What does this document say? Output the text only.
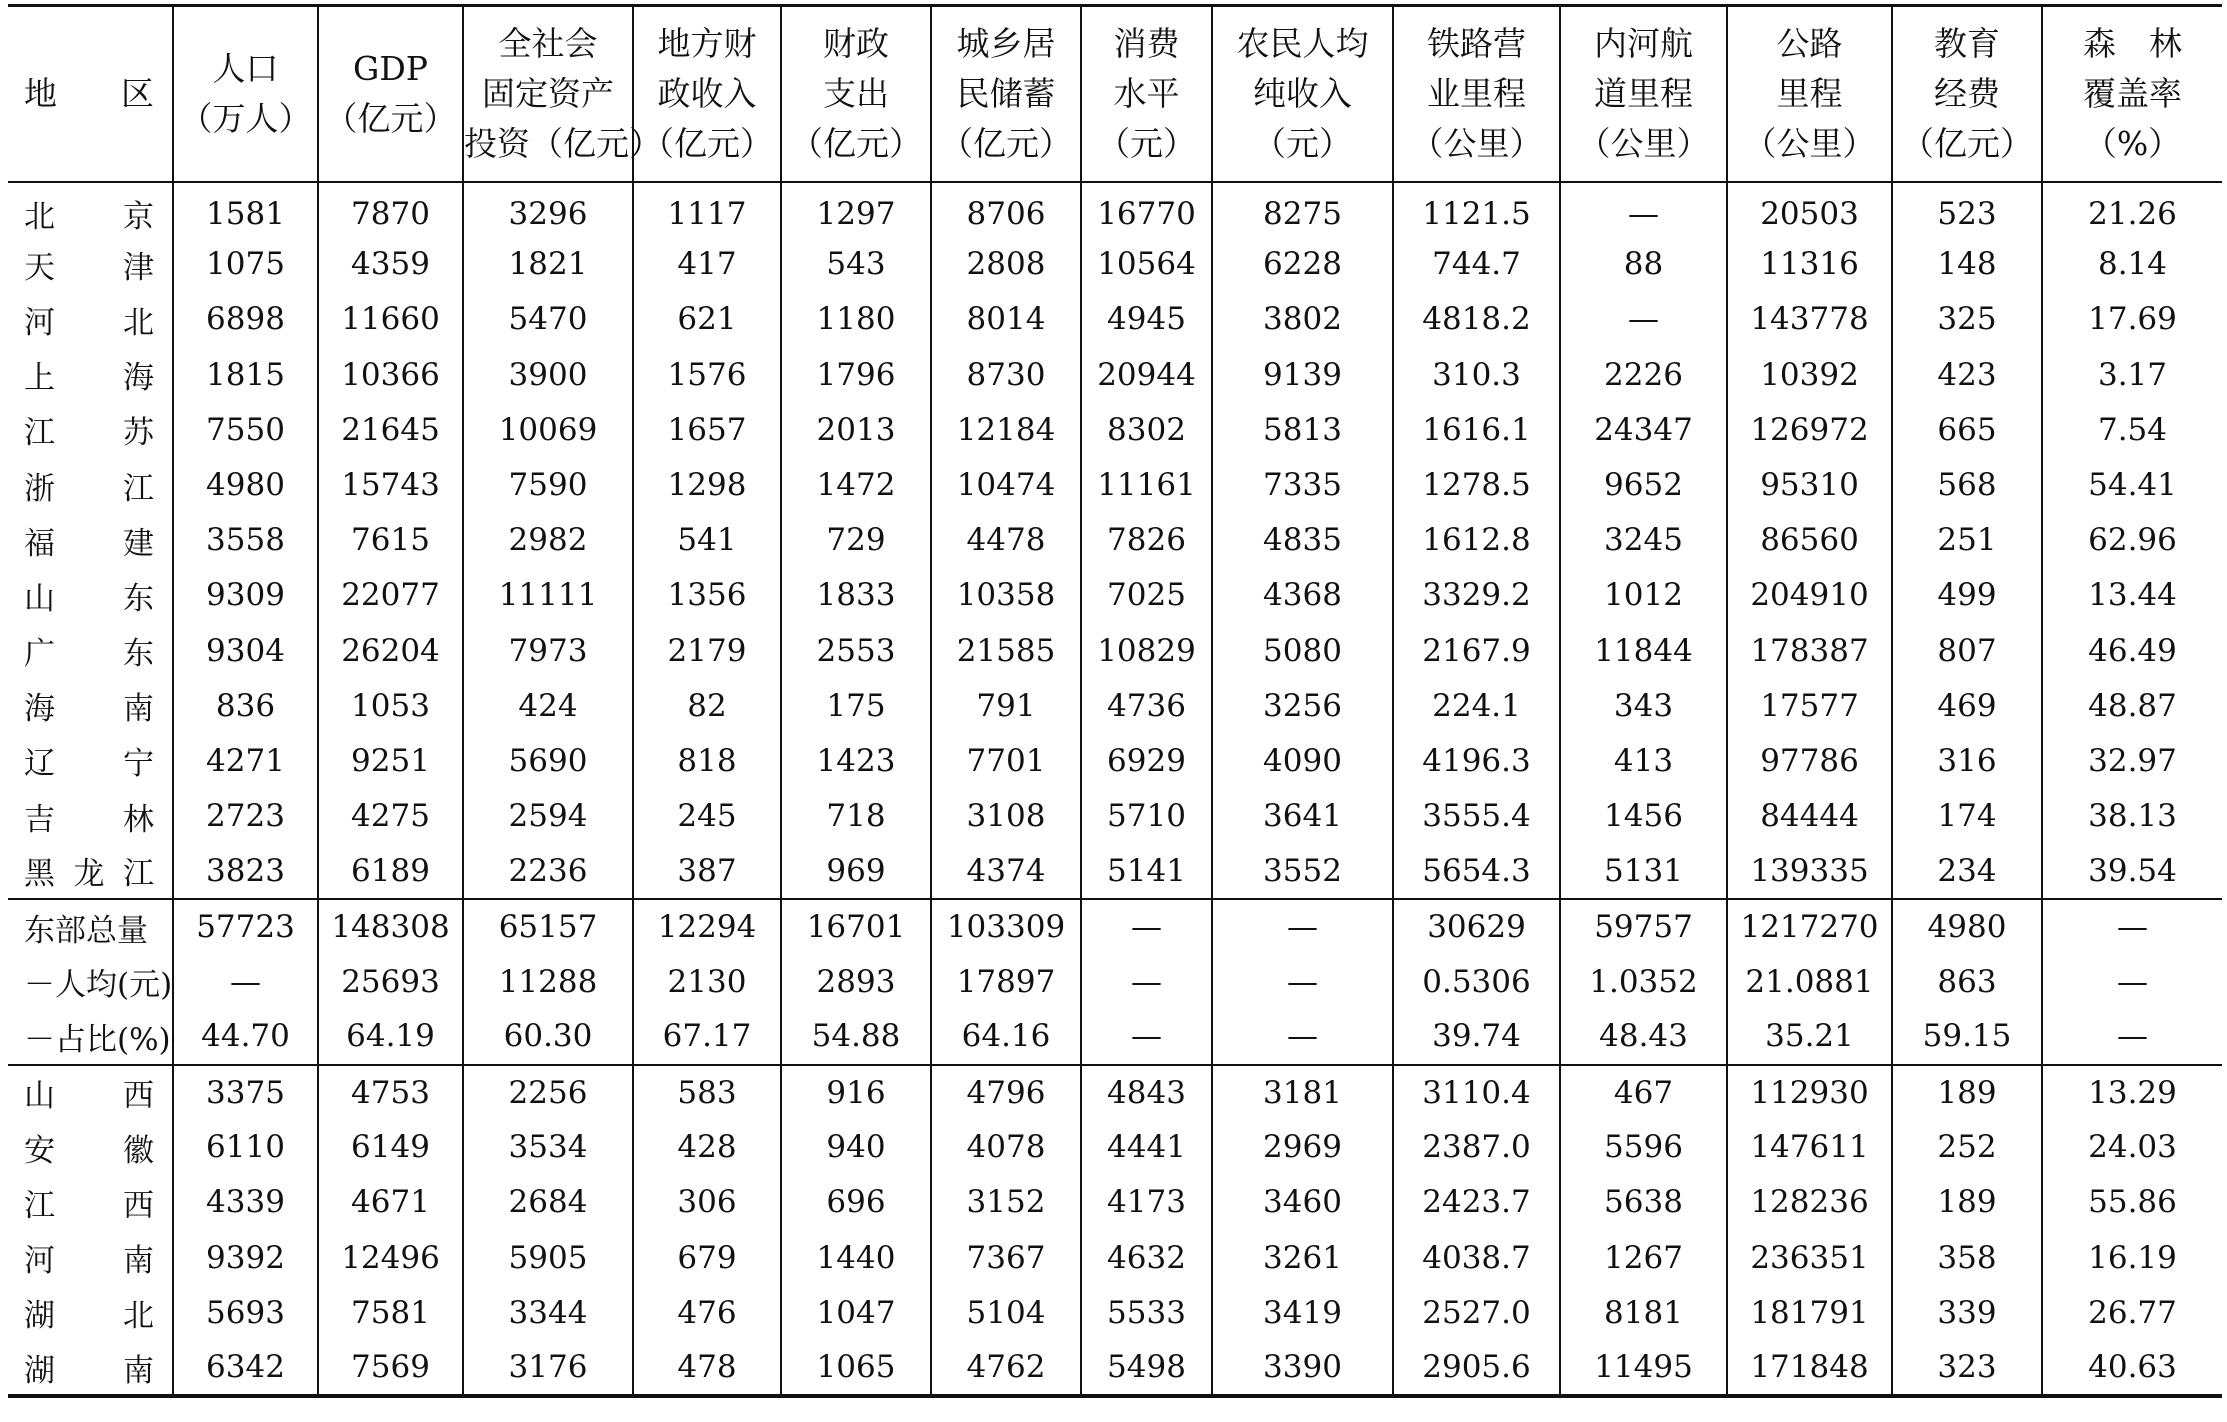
地 区	人口
（万人）	GDP
（亿元）	全社会
固定资产
投资（亿元）	地方财
政收入
（亿元）	财政
支出
（亿元）	城乡居
民储蓄
（亿元）	消费
水平
（元）	农民人均
纯收入
（元）	铁路营
业里程
（公里）	内河航
道里程
（公里）	公路
里程
（公里）	教育
经费
（亿元）	森　林
覆盖率
（%）

北 京	1581	7870	3296	1117	1297	8706	16770	8275	1121.5	—	20503	523	21.26

天 津	1075	4359	1821	417	543	2808	10564	6228	744.7	88	11316	148	8.14

河 北	6898	11660	5470	621	1180	8014	4945	3802	4818.2	—	143778	325	17.69

上 海	1815	10366	3900	1576	1796	8730	20944	9139	310.3	2226	10392	423	3.17

江 苏	7550	21645	10069	1657	2013	12184	8302	5813	1616.1	24347	126972	665	7.54

浙 江	4980	15743	7590	1298	1472	10474	11161	7335	1278.5	9652	95310	568	54.41

福 建	3558	7615	2982	541	729	4478	7826	4835	1612.8	3245	86560	251	62.96

山 东	9309	22077	11111	1356	1833	10358	7025	4368	3329.2	1012	204910	499	13.44

广 东	9304	26204	7973	2179	2553	21585	10829	5080	2167.9	11844	178387	807	46.49

海 南	836	1053	424	82	175	791	4736	3256	224.1	343	17577	469	48.87

辽 宁	4271	9251	5690	818	1423	7701	6929	4090	4196.3	413	97786	316	32.97

吉 林	2723	4275	2594	245	718	3108	5710	3641	3555.4	1456	84444	174	38.13

黑 龙 江	3823	6189	2236	387	969	4374	5141	3552	5654.3	5131	139335	234	39.54

东部总量	57723	148308	65157	12294	16701	103309	—	—	30629	59757	1217270	4980	—

－人均(元)	—	25693	11288	2130	2893	17897	—	—	0.5306	1.0352	21.0881	863	—

－占比(%)	44.70	64.19	60.30	67.17	54.88	64.16	—	—	39.74	48.43	35.21	59.15	—

山 西	3375	4753	2256	583	916	4796	4843	3181	3110.4	467	112930	189	13.29

安 徽	6110	6149	3534	428	940	4078	4441	2969	2387.0	5596	147611	252	24.03

江 西	4339	4671	2684	306	696	3152	4173	3460	2423.7	5638	128236	189	55.86

河 南	9392	12496	5905	679	1440	7367	4632	3261	4038.7	1267	236351	358	16.19

湖 北	5693	7581	3344	476	1047	5104	5533	3419	2527.0	8181	181791	339	26.77

湖 南	6342	7569	3176	478	1065	4762	5498	3390	2905.6	11495	171848	323	40.63
